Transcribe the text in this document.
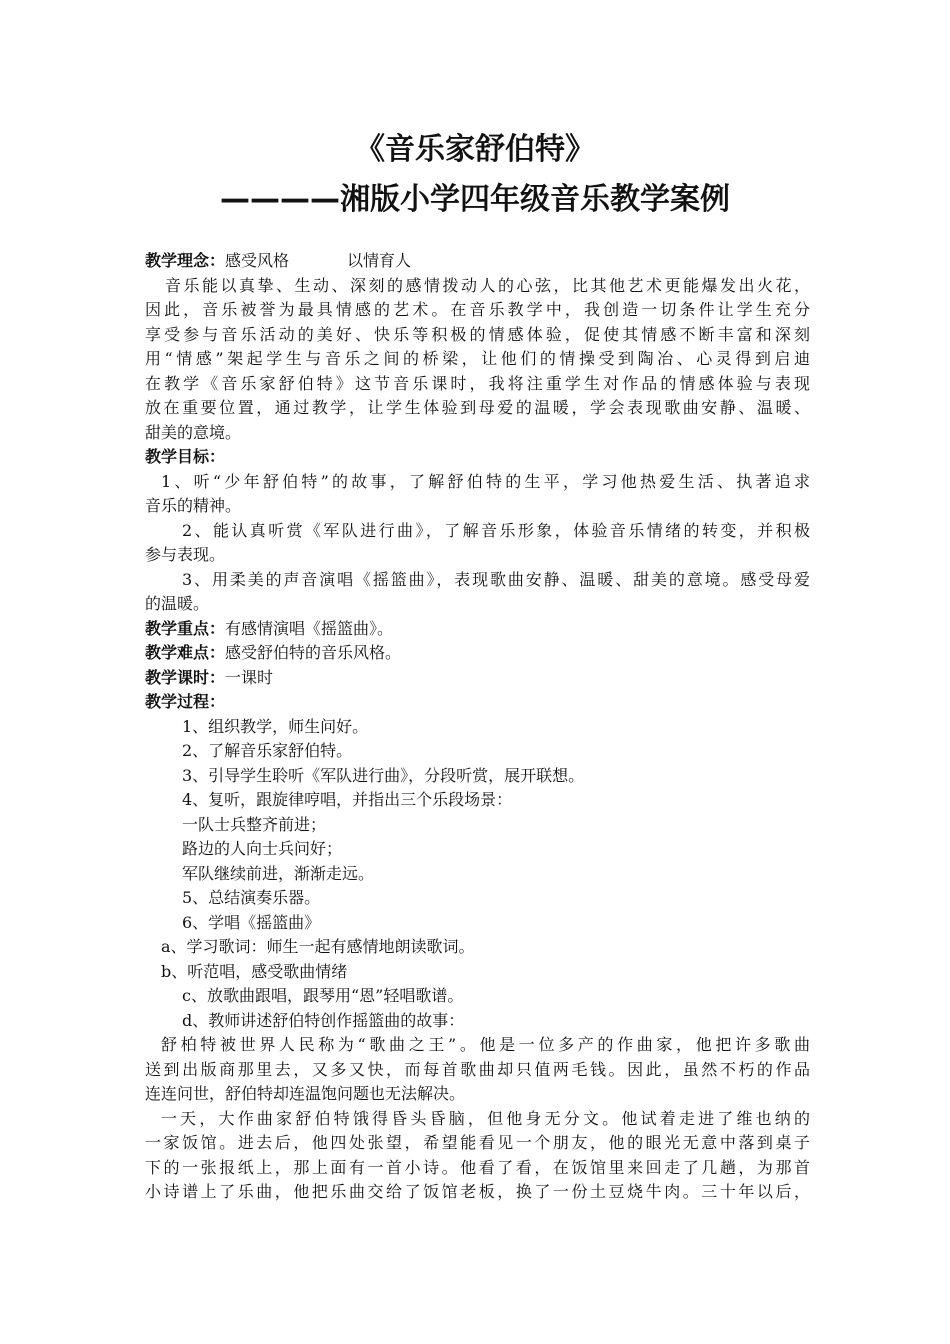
《音乐家舒伯特》
————湘版小学四年级音乐教学案例
教学理念：感受风格	以情育人
音乐能以真挚、生动、深刻的感情拨动人的心弦，比其他艺术更能爆发出火花，
因此，音乐被誉为最具情感的艺术。在音乐教学中，我创造一切条件让学生充分
享受参与音乐活动的美好、快乐等积极的情感体验，促使其情感不断丰富和深刻
用“情感”架起学生与音乐之间的桥梁，让他们的情操受到陶冶、心灵得到启迪
在教学《音乐家舒伯特》这节音乐课时，我将注重学生对作品的情感体验与表现
放在重要位置，通过教学，让学生体验到母爱的温暖，学会表现歌曲安静、温暖、
甜美的意境。
教学目标：
1、听“少年舒伯特”的故事，了解舒伯特的生平，学习他热爱生活、执著追求
音乐的精神。
2、能认真听赏《军队进行曲》，了解音乐形象，体验音乐情绪的转变，并积极
参与表现。
3、用柔美的声音演唱《摇篮曲》，表现歌曲安静、温暖、甜美的意境。感受母爱
的温暖。
教学重点：有感情演唱《摇篮曲》。
教学难点：感受舒伯特的音乐风格。
教学课时：一课时
教学过程：
1、组织教学，师生问好。
2、了解音乐家舒伯特。
3、引导学生聆听《军队进行曲》，分段听赏，展开联想。
4、复听，跟旋律哼唱，并指出三个乐段场景：
一队士兵整齐前进；
路边的人向士兵问好；
军队继续前进，渐渐走远。
5、总结演奏乐器。
6、学唱《摇篮曲》
a、学习歌词：师生一起有感情地朗读歌词。
b、听范唱，感受歌曲情绪
c、放歌曲跟唱，跟琴用“恩”轻唱歌谱。
d、教师讲述舒伯特创作摇篮曲的故事：
舒柏特被世界人民称为“歌曲之王”。他是一位多产的作曲家，他把许多歌曲
送到出版商那里去，又多又快，而每首歌曲却只值两毛钱。因此，虽然不朽的作品
连连问世，舒伯特却连温饱问题也无法解决。
一天，大作曲家舒伯特饿得昏头昏脑，但他身无分文。他试着走进了维也纳的
一家饭馆。进去后，他四处张望，希望能看见一个朋友，他的眼光无意中落到桌子
下的一张报纸上，那上面有一首小诗。他看了看，在饭馆里来回走了几趟，为那首
小诗谱上了乐曲，他把乐曲交给了饭馆老板，换了一份土豆烧牛肉。三十年以后，
